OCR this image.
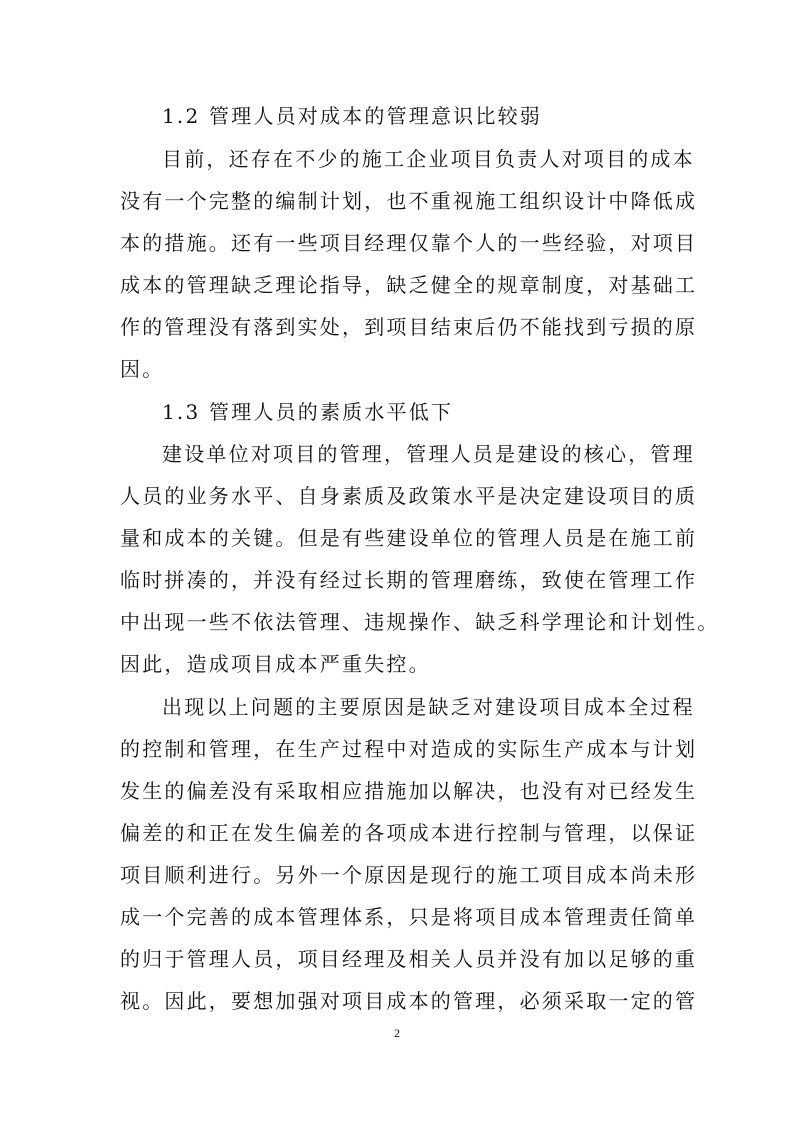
1.2 管理人员对成本的管理意识比较弱
目前，还存在不少的施工企业项目负责人对项目的成本
没有一个完整的编制计划，也不重视施工组织设计中降低成
本的措施。还有一些项目经理仅靠个人的一些经验，对项目
成本的管理缺乏理论指导，缺乏健全的规章制度，对基础工
作的管理没有落到实处，到项目结束后仍不能找到亏损的原
因。
1.3 管理人员的素质水平低下
建设单位对项目的管理，管理人员是建设的核心，管理
人员的业务水平、自身素质及政策水平是决定建设项目的质
量和成本的关键。但是有些建设单位的管理人员是在施工前
临时拼凑的，并没有经过长期的管理磨练，致使在管理工作
中出现一些不依法管理、违规操作、缺乏科学理论和计划性。
因此，造成项目成本严重失控。
出现以上问题的主要原因是缺乏对建设项目成本全过程
的控制和管理，在生产过程中对造成的实际生产成本与计划
发生的偏差没有采取相应措施加以解决，也没有对已经发生
偏差的和正在发生偏差的各项成本进行控制与管理，以保证
项目顺利进行。另外一个原因是现行的施工项目成本尚未形
成一个完善的成本管理体系，只是将项目成本管理责任简单
的归于管理人员，项目经理及相关人员并没有加以足够的重
视。因此，要想加强对项目成本的管理，必须采取一定的管
2
